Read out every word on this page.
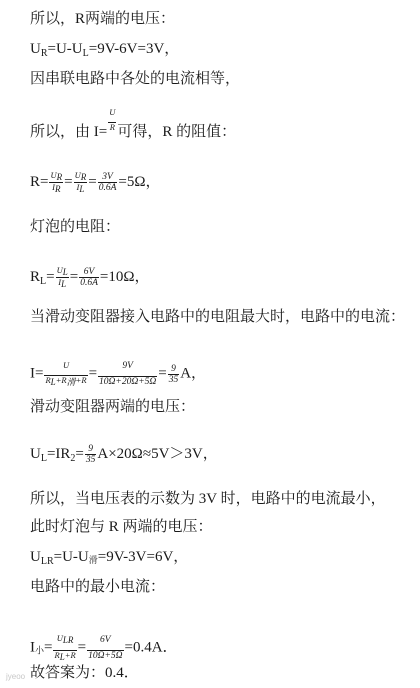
所以，R两端的电压：
$U_R=U-U_L=9V-6V=3V$，
因串联电路中各处的电流相等，
所以，由 $I= \frac{U}{R}$ 可得，R 的阻值：
$R= \frac{U_R}{I_R} = \frac{U_R}{I_L} = \frac{3V}{0.6A} =5\Omega$，
灯泡的电阻：
$R_L= \frac{U_L}{I_L} = \frac{6V}{0.6A} =10\Omega$，
当滑动变阻器接入电路中的电阻最大时，电路中的电流：
$I= \frac{U}{R_L+R_滑+R} = \frac{9V}{10\Omega+20\Omega+5\Omega} = \frac{9}{35}$ A，
滑动变阻器两端的电压：
$U_L=IR_2= \frac{9}{35} A\times 20\Omega\approx 5V>3V$，
所以，当电压表的示数为 3V 时，电路中的电流最小，
此时灯泡与 R 两端的电压：
$U_{LR}=U-U_滑=9V-3V=6V$，
电路中的最小电流：
$I_小= \frac{U_{LR}}{R_L+R} = \frac{6V}{10\Omega+5\Omega} =0.4A$．
故答案为：0.4．
jyeoo
